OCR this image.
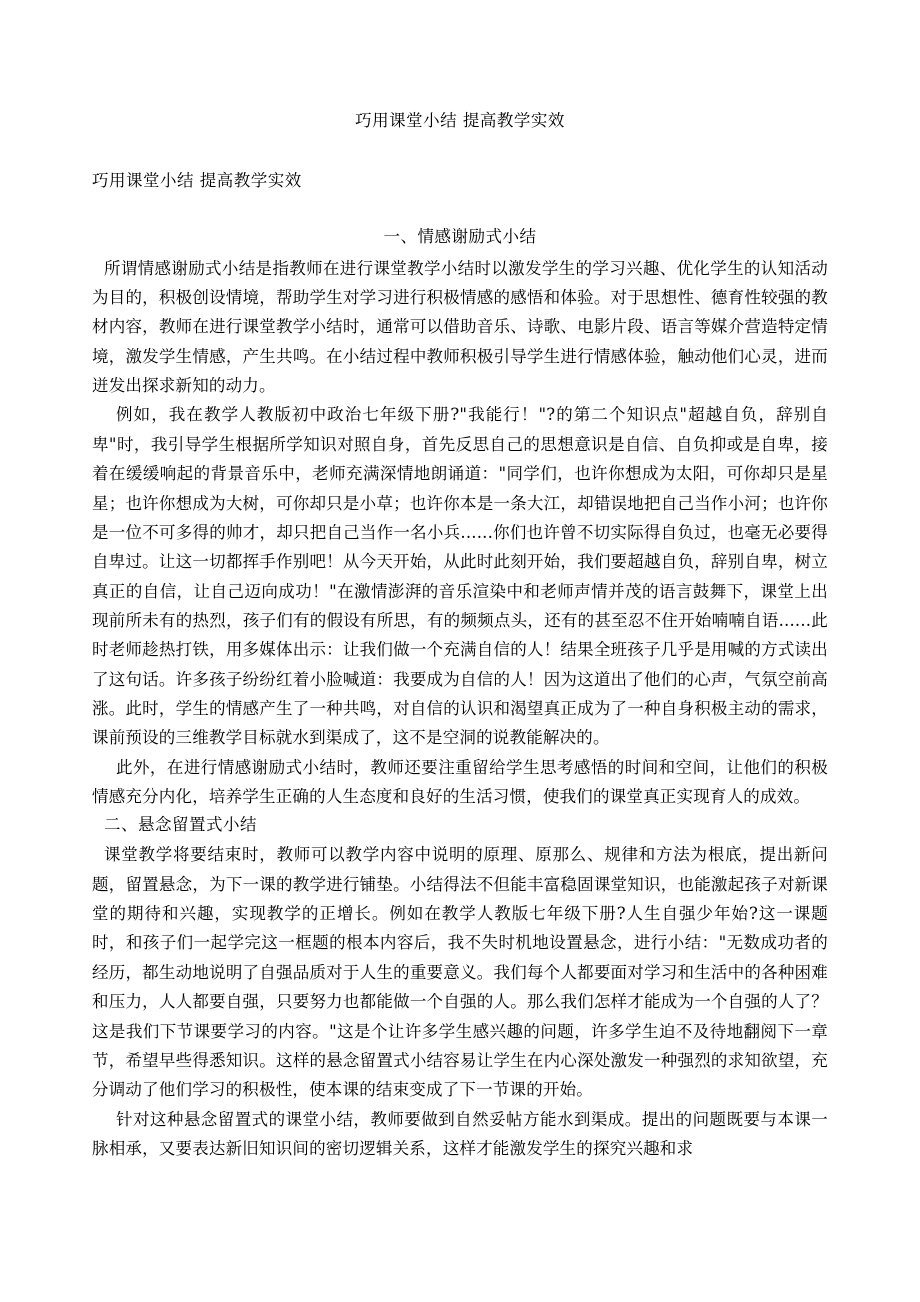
巧用课堂小结 提高教学实效
巧用课堂小结 提高教学实效
一、情感谢励式小结

所谓情感谢励式小结是指教师在进行课堂教学小结时以激发学生的学习兴趣、优化学生的认知活动为目的，积极创设情境，帮助学生对学习进行积极情感的感悟和体验。对于思想性、德育性较强的教材内容，教师在进行课堂教学小结时，通常可以借助音乐、诗歌、电影片段、语言等媒介营造特定情境，激发学生情感，产生共鸣。在小结过程中教师积极引导学生进行情感体验，触动他们心灵，进而迸发出探求新知的动力。

例如，我在教学人教版初中政治七年级下册?"我能行！"?的第二个知识点"超越自负，辞别自卑"时，我引导学生根据所学知识对照自身，首先反思自己的思想意识是自信、自负抑或是自卑，接着在缓缓响起的背景音乐中，老师充满深情地朗诵道："同学们，也许你想成为太阳，可你却只是星星；也许你想成为大树，可你却只是小草；也许你本是一条大江，却错误地把自己当作小河；也许你是一位不可多得的帅才，却只把自己当作一名小兵......你们也许曾不切实际得自负过，也毫无必要得自卑过。让这一切都挥手作别吧！从今天开始，从此时此刻开始，我们要超越自负，辞别自卑，树立真正的自信，让自己迈向成功！"在激情澎湃的音乐渲染中和老师声情并茂的语言鼓舞下，课堂上出现前所未有的热烈，孩子们有的假设有所思，有的频频点头，还有的甚至忍不住开始喃喃自语......此时老师趁热打铁，用多媒体出示：让我们做一个充满自信的人！结果全班孩子几乎是用喊的方式读出了这句话。许多孩子纷纷红着小脸喊道：我要成为自信的人！因为这道出了他们的心声，气氛空前高涨。此时，学生的情感产生了一种共鸣，对自信的认识和渴望真正成为了一种自身积极主动的需求，课前预设的三维教学目标就水到渠成了，这不是空洞的说教能解决的。

此外，在进行情感谢励式小结时，教师还要注重留给学生思考感悟的时间和空间，让他们的积极情感充分内化，培养学生正确的人生态度和良好的生活习惯，使我们的课堂真正实现育人的成效。

二、悬念留置式小结

课堂教学将要结束时，教师可以教学内容中说明的原理、原那么、规律和方法为根底，提出新问题，留置悬念，为下一课的教学进行铺垫。小结得法不但能丰富稳固课堂知识，也能激起孩子对新课堂的期待和兴趣，实现教学的正增长。例如在教学人教版七年级下册?人生自强少年始?这一课题时，和孩子们一起学完这一框题的根本内容后，我不失时机地设置悬念，进行小结："无数成功者的经历，都生动地说明了自强品质对于人生的重要意义。我们每个人都要面对学习和生活中的各种困难和压力，人人都要自强，只要努力也都能做一个自强的人。那么我们怎样才能成为一个自强的人了？这是我们下节课要学习的内容。"这是个让许多学生感兴趣的问题，许多学生迫不及待地翻阅下一章节，希望早些得悉知识。这样的悬念留置式小结容易让学生在内心深处激发一种强烈的求知欲望，充分调动了他们学习的积极性，使本课的结束变成了下一节课的开始。

针对这种悬念留置式的课堂小结，教师要做到自然妥帖方能水到渠成。提出的问题既要与本课一脉相承，又要表达新旧知识间的密切逻辑关系，这样才能激发学生的探究兴趣和求
